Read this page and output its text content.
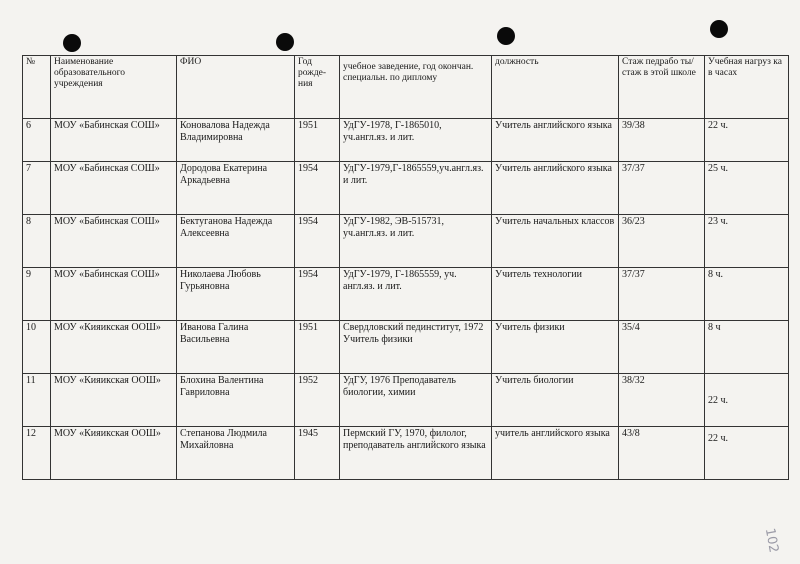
№	Наименование образовательного учреждения	ФИО	Год рожде-ния	учебное заведение, год окончан. специальн. по диплому	должность	Стаж педрабо ты/ стаж в этой школе	Учебная нагруз ка в часах
6	МОУ «Бабинская СОШ»	Коновалова Надежда Владимировна	1951	УдГУ-1978, Г-1865010, уч.англ.яз. и лит.	Учитель английского языка	39/38	22 ч.
7	МОУ «Бабинская СОШ»	Дородова Екатерина Аркадьевна	1954	УдГУ-1979,Г-1865559,уч.англ.яз. и лит.	Учитель английского языка	37/37	25 ч.
8	МОУ «Бабинская СОШ»	Бектуганова Надежда Алексеевна	1954	УдГУ-1982, ЭВ-515731, уч.англ.яз. и лит.	Учитель начальных классов	36/23	23 ч.
9	МОУ «Бабинская СОШ»	Николаева Любовь Гурьяновна	1954	УдГУ-1979, Г-1865559, уч. англ.яз. и лит.	Учитель технологии	37/37	8 ч.
10	МОУ «Кияикская ООШ»	Иванова Галина Васильевна	1951	Свердловский пединститут, 1972 Учитель физики	Учитель физики	35/4	8 ч
11	МОУ «Кияикская ООШ»	Блохина Валентина Гавриловна	1952	УдГУ, 1976 Преподаватель биологии, химии	Учитель биологии	38/32	22 ч.

12	МОУ «Кияикская ООШ»	Степанова Людмила Михайловна	1945	Пермский ГУ, 1970, филолог, преподаватель английского языка	учитель английского языка	43/8	22 ч.
102
